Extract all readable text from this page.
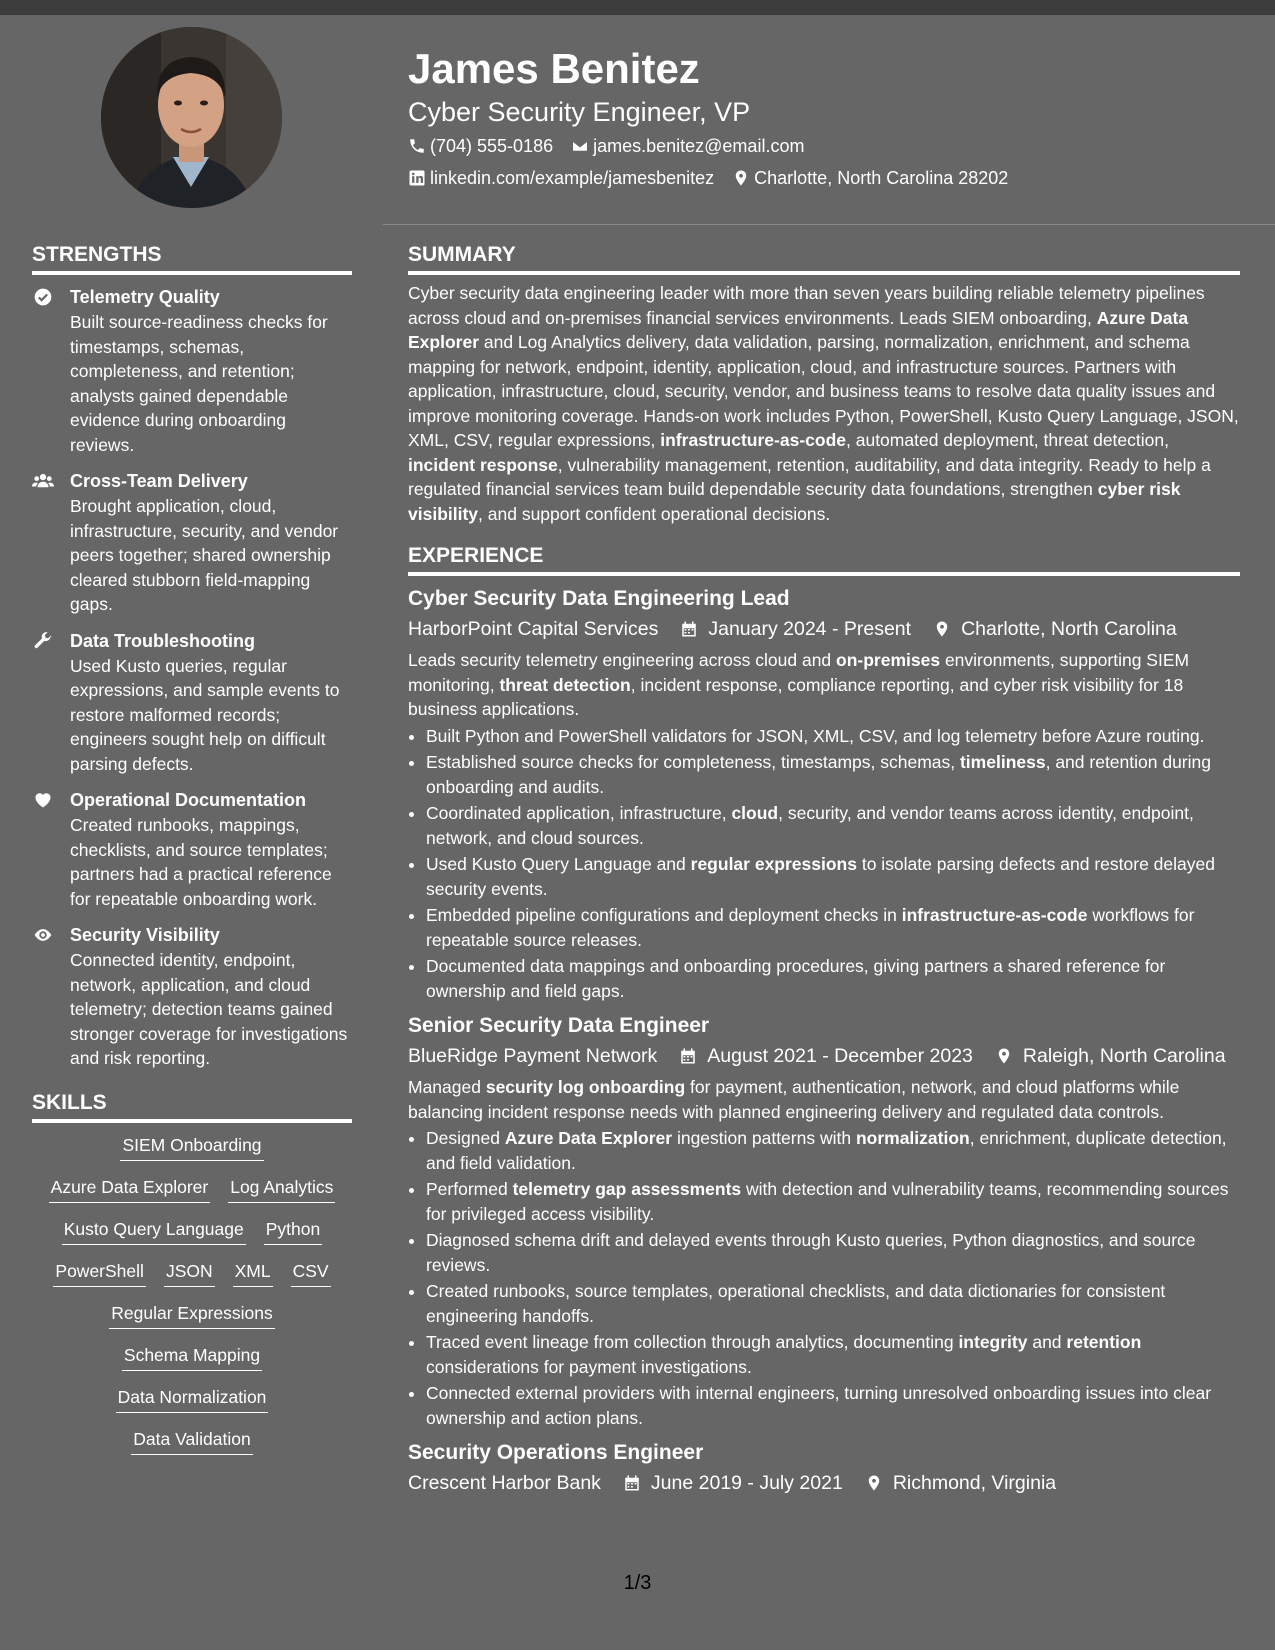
James Benitez
Cyber Security Engineer, VP
(704) 555-0186 james.benitez@email.com
linkedin.com/example/jamesbenitez Charlotte, North Carolina 28202
STRENGTHS
Telemetry Quality
Built source-readiness checks for timestamps, schemas, completeness, and retention; analysts gained dependable evidence during onboarding reviews.
Cross-Team Delivery
Brought application, cloud, infrastructure, security, and vendor peers together; shared ownership cleared stubborn field-mapping gaps.
Data Troubleshooting
Used Kusto queries, regular expressions, and sample events to restore malformed records; engineers sought help on difficult parsing defects.
Operational Documentation
Created runbooks, mappings, checklists, and source templates; partners had a practical reference for repeatable onboarding work.
Security Visibility
Connected identity, endpoint, network, application, and cloud telemetry; detection teams gained stronger coverage for investigations and risk reporting.
SKILLS
SIEM Onboarding
Azure Data Explorer Log Analytics
Kusto Query Language Python
PowerShell JSON XML CSV
Regular Expressions
Schema Mapping
Data Normalization
Data Validation
SUMMARY

Cyber security data engineering leader with more than seven years building reliable telemetry pipelines across cloud and on-premises financial services environments. Leads SIEM onboarding, Azure Data Explorer and Log Analytics delivery, data validation, parsing, normalization, enrichment, and schema mapping for network, endpoint, identity, application, cloud, and infrastructure sources. Partners with application, infrastructure, cloud, security, vendor, and business teams to resolve data quality issues and improve monitoring coverage. Hands-on work includes Python, PowerShell, Kusto Query Language, JSON, XML, CSV, regular expressions, infrastructure-as-code, automated deployment, threat detection, incident response, vulnerability management, retention, auditability, and data integrity. Ready to help a regulated financial services team build dependable security data foundations, strengthen cyber risk visibility, and support confident operational decisions.

EXPERIENCE
Cyber Security Data Engineering Lead
HarborPoint Capital Services	January 2024 - Present	Charlotte, North Carolina
Leads security telemetry engineering across cloud and on-premises environments, supporting SIEM monitoring, threat detection, incident response, compliance reporting, and cyber risk visibility for 18 business applications.
• Built Python and PowerShell validators for JSON, XML, CSV, and log telemetry before Azure routing.
• Established source checks for completeness, timestamps, schemas, timeliness, and retention during onboarding and audits.
• Coordinated application, infrastructure, cloud, security, and vendor teams across identity, endpoint, network, and cloud sources.
• Used Kusto Query Language and regular expressions to isolate parsing defects and restore delayed security events.
• Embedded pipeline configurations and deployment checks in infrastructure-as-code workflows for repeatable source releases.
• Documented data mappings and onboarding procedures, giving partners a shared reference for ownership and field gaps.
Senior Security Data Engineer
BlueRidge Payment Network	August 2021 - December 2023	Raleigh, North Carolina
Managed security log onboarding for payment, authentication, network, and cloud platforms while balancing incident response needs with planned engineering delivery and regulated data controls.
• Designed Azure Data Explorer ingestion patterns with normalization, enrichment, duplicate detection, and field validation.
• Performed telemetry gap assessments with detection and vulnerability teams, recommending sources for privileged access visibility.
• Diagnosed schema drift and delayed events through Kusto queries, Python diagnostics, and source reviews.
• Created runbooks, source templates, operational checklists, and data dictionaries for consistent engineering handoffs.
• Traced event lineage from collection through analytics, documenting integrity and retention considerations for payment investigations.
• Connected external providers with internal engineers, turning unresolved onboarding issues into clear ownership and action plans.
Security Operations Engineer
Crescent Harbor Bank	June 2019 - July 2021	Richmond, Virginia
1/3
